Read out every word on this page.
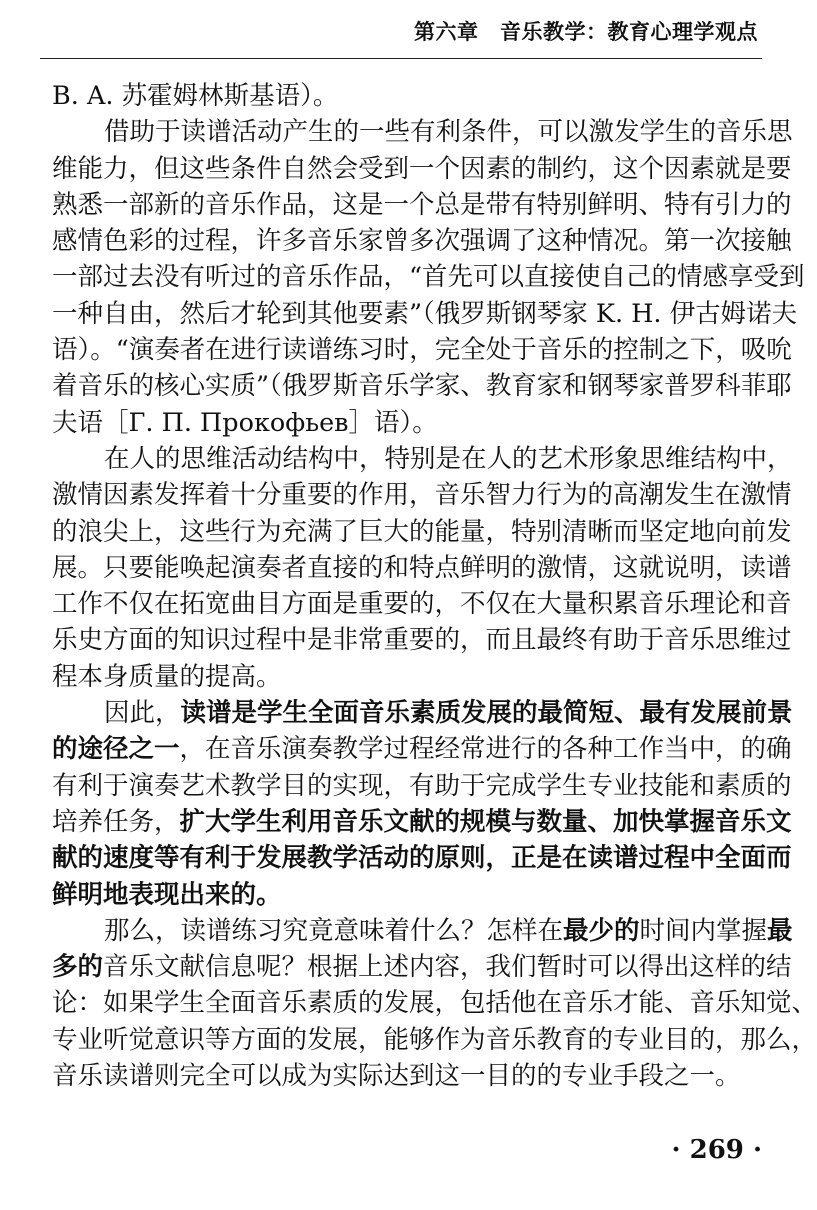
第六章　音乐教学：教育心理学观点
B. A. 苏霍姆林斯基语）。
借助于读谱活动产生的一些有利条件，可以激发学生的音乐思
维能力，但这些条件自然会受到一个因素的制约，这个因素就是要
熟悉一部新的音乐作品，这是一个总是带有特别鲜明、特有引力的
感情色彩的过程，许多音乐家曾多次强调了这种情况。第一次接触
一部过去没有听过的音乐作品，“首先可以直接使自己的情感享受到
一种自由，然后才轮到其他要素”（俄罗斯钢琴家 K. H. 伊古姆诺夫
语）。“演奏者在进行读谱练习时，完全处于音乐的控制之下，吸吮
着音乐的核心实质”（俄罗斯音乐学家、教育家和钢琴家普罗科菲耶
夫语［Г. П. Прокофьев］语）。
在人的思维活动结构中，特别是在人的艺术形象思维结构中，
激情因素发挥着十分重要的作用，音乐智力行为的高潮发生在激情
的浪尖上，这些行为充满了巨大的能量，特别清晰而坚定地向前发
展。只要能唤起演奏者直接的和特点鲜明的激情，这就说明，读谱
工作不仅在拓宽曲目方面是重要的，不仅在大量积累音乐理论和音
乐史方面的知识过程中是非常重要的，而且最终有助于音乐思维过
程本身质量的提高。
因此，读谱是学生全面音乐素质发展的最简短、最有发展前景
的途径之一，在音乐演奏教学过程经常进行的各种工作当中，的确
有利于演奏艺术教学目的实现，有助于完成学生专业技能和素质的
培养任务，扩大学生利用音乐文献的规模与数量、加快掌握音乐文
献的速度等有利于发展教学活动的原则，正是在读谱过程中全面而
鲜明地表现出来的。
那么，读谱练习究竟意味着什么？怎样在最少的时间内掌握最
多的音乐文献信息呢？根据上述内容，我们暂时可以得出这样的结
论：如果学生全面音乐素质的发展，包括他在音乐才能、音乐知觉、
专业听觉意识等方面的发展，能够作为音乐教育的专业目的，那么，
音乐读谱则完全可以成为实际达到这一目的的专业手段之一。
· 269 ·
